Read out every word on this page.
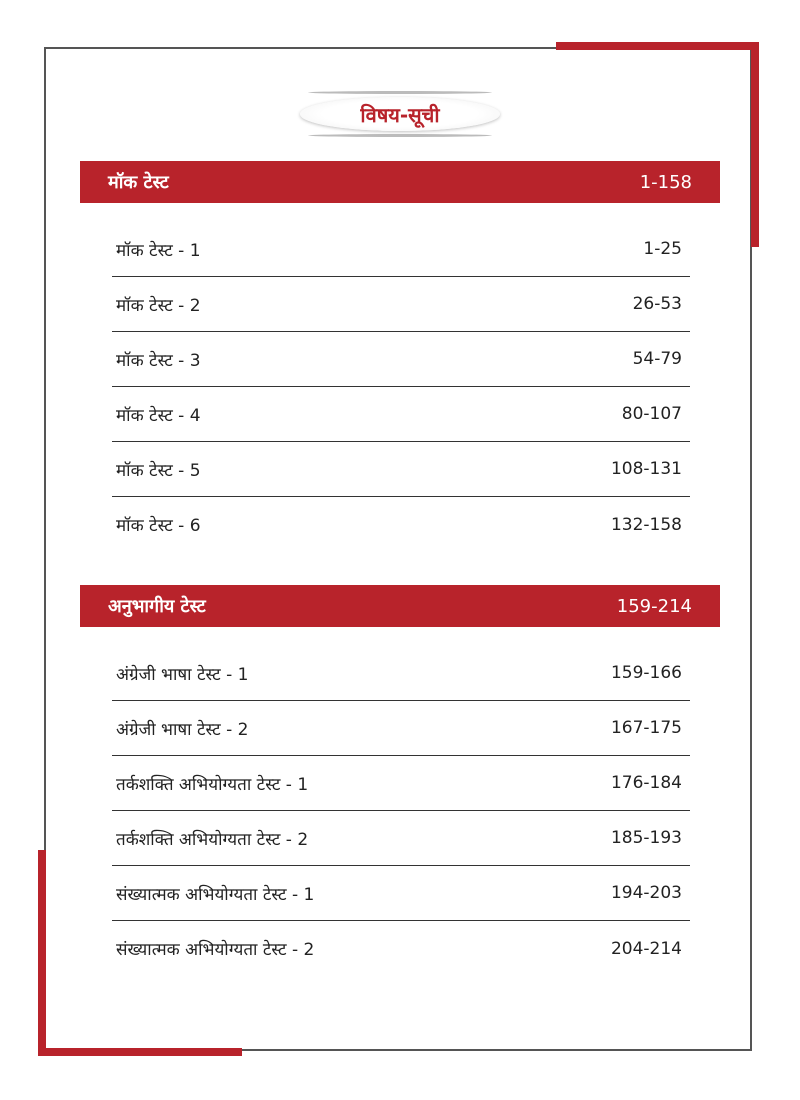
विषय-सूची
मॉक टेस्ट	1-158
मॉक टेस्ट - 1	1-25
मॉक टेस्ट - 2	26-53
मॉक टेस्ट - 3	54-79
मॉक टेस्ट - 4	80-107
मॉक टेस्ट - 5	108-131
मॉक टेस्ट - 6	132-158
अनुभागीय टेस्ट	159-214
अंग्रेजी भाषा टेस्ट - 1	159-166
अंग्रेजी भाषा टेस्ट - 2	167-175
तर्कशक्ति अभियोग्यता टेस्ट - 1	176-184
तर्कशक्ति अभियोग्यता टेस्ट - 2	185-193
संख्यात्मक अभियोग्यता टेस्ट - 1	194-203
संख्यात्मक अभियोग्यता टेस्ट - 2	204-214
